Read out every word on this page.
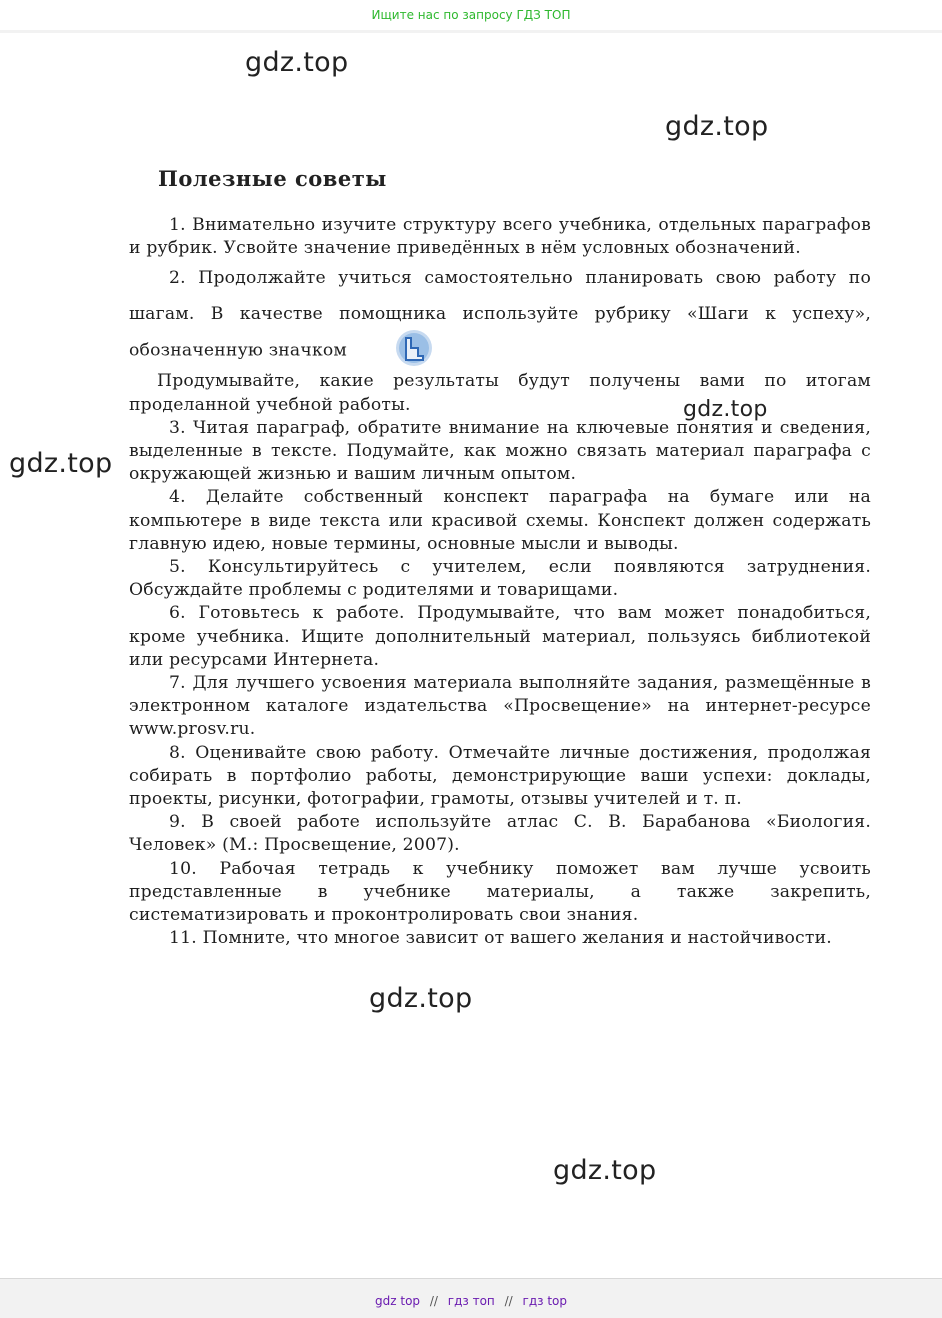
Ищите нас по запросу ГДЗ ТОП
gdz.top
gdz.top
gdz.top
gdz.top
gdz.top
gdz.top
Полезные советы

1. Внимательно изучите структуру всего учебника, отдельных параграфов и рубрик. Усвойте значение приведённых в нём условных обозначений.

2. Продолжайте учиться самостоятельно планировать свою работу по шагам. В качестве помощника используйте рубрику «Шаги к успеху», обозначенную значком

Продумывайте, какие результаты будут получены вами по итогам проделанной учебной работы.

3. Читая параграф, обратите внимание на ключевые понятия и сведения, выделенные в тексте. Подумайте, как можно связать материал параграфа с окружающей жизнью и вашим личным опытом.

4. Делайте собственный конспект параграфа на бумаге или на компьютере в виде текста или красивой схемы. Конспект должен содержать главную идею, новые термины, основные мысли и выводы.

5. Консультируйтесь с учителем, если появляются затруднения. Обсуждайте проблемы с родителями и товарищами.

6. Готовьтесь к работе. Продумывайте, что вам может понадобиться, кроме учебника. Ищите дополнительный материал, пользуясь библиотекой или ресурсами Интернета.

7. Для лучшего усвоения материала выполняйте задания, размещённые в электронном каталоге издательства «Просвещение» на интернет-ресурсе www.prosv.ru.

8. Оценивайте свою работу. Отмечайте личные достижения, продолжая собирать в портфолио работы, демонстрирующие ваши успехи: доклады, проекты, рисунки, фотографии, грамоты, отзывы учителей и т. п.

9. В своей работе используйте атлас С. В. Барабанова «Биология. Человек» (М.: Просвещение, 2007).

10. Рабочая тетрадь к учебнику поможет вам лучше усвоить представленные в учебнике материалы, а также закрепить, систематизировать и проконтролировать свои знания.

11. Помните, что многое зависит от вашего желания и настойчивости.

gdz top // гдз топ // гдз top
